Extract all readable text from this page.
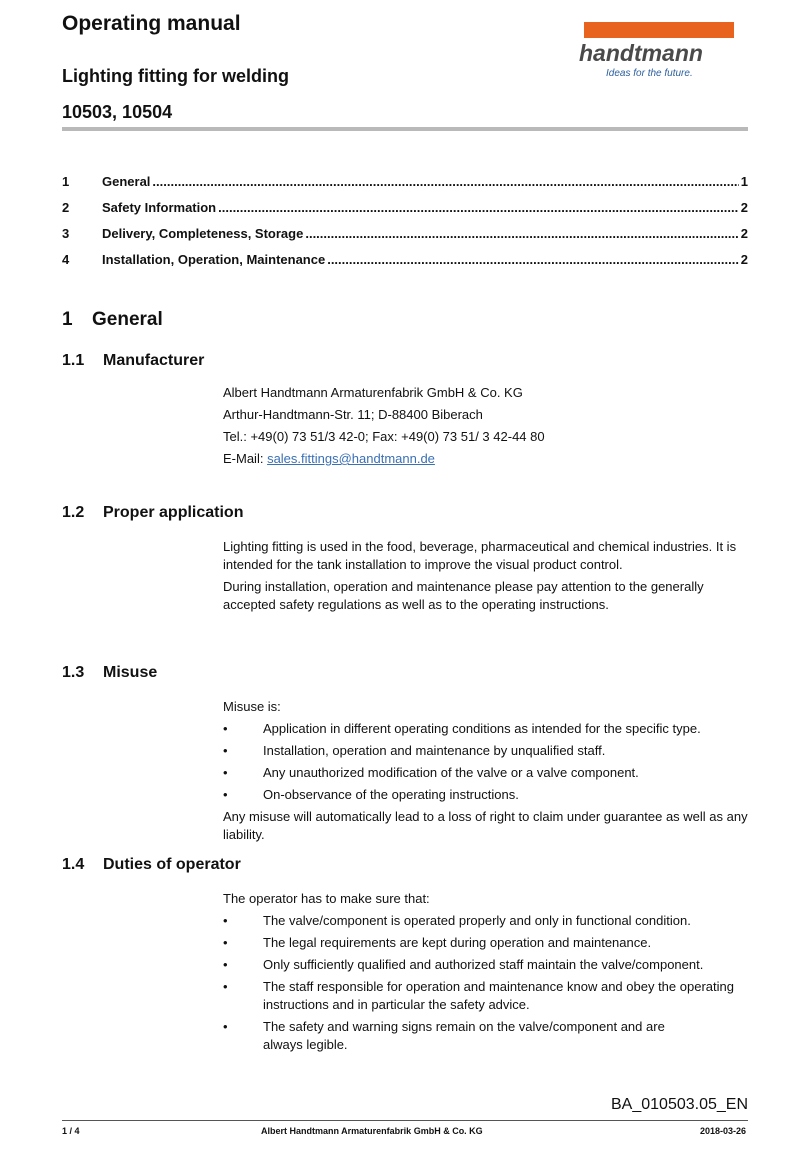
Operating manual
Lighting fitting for welding
10503, 10504
handtmann
Ideas for the future.
1	General .....	1
2	Safety Information .....	2
3	Delivery, Completeness, Storage .....	2
4	Installation, Operation, Maintenance .....	2
1	General
1.1	Manufacturer
Albert Handtmann Armaturenfabrik GmbH & Co. KG
Arthur-Handtmann-Str. 11; D-88400 Biberach
Tel.: +49(0) 73 51/3 42-0; Fax: +49(0) 73 51/ 3 42-44 80
E-Mail: sales.fittings@handtmann.de
1.2	Proper application

Lighting fitting is used in the food, beverage, pharmaceutical and chemical industries. It is intended for the tank installation to improve the visual product control.

During installation, operation and maintenance please pay attention to the generally accepted safety regulations as well as to the operating instructions.

1.3	Misuse

Misuse is:

•	Application in different operating conditions as intended for the specific type.
•	Installation, operation and maintenance by unqualified staff.
•	Any unauthorized modification of the valve or a valve component.
•	On-observance of the operating instructions.

Any misuse will automatically lead to a loss of right to claim under guarantee as well as any liability.

1.4	Duties of operator

The operator has to make sure that:

•	The valve/component is operated properly and only in functional condition.
•	The legal requirements are kept during operation and maintenance.
•	Only sufficiently qualified and authorized staff maintain the valve/component.
•	The staff responsible for operation and maintenance know and obey the operating instructions and in particular the safety advice.
•	The safety and warning signs remain on the valve/component and are always legible.
BA_010503.05_EN
1 / 4	Albert Handtmann Armaturenfabrik GmbH & Co. KG	2018-03-26
